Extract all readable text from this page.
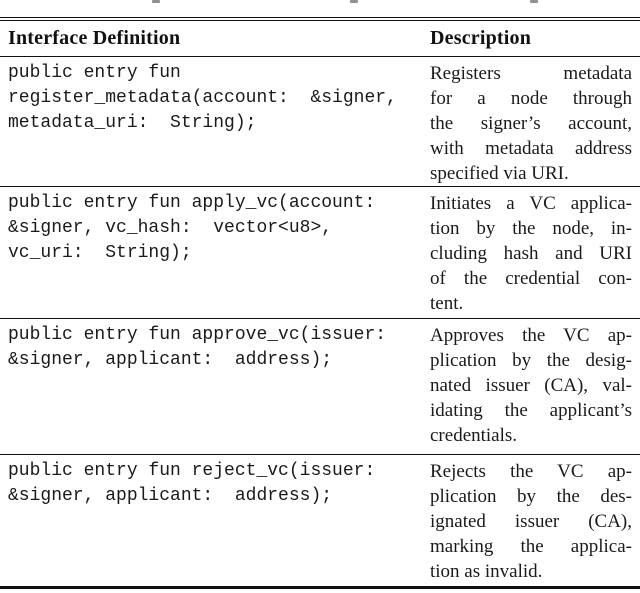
Interface Definition	Description
public entry fun
register_metadata(account:  &signer,
metadata_uri:  String);
Registers metadata
for a node through
the signer’s account,
with metadata address
specified via URI.
public entry fun apply_vc(account:
&signer, vc_hash:  vector<u8>,
vc_uri:  String);
Initiates a VC applica-
tion by the node, in-
cluding hash and URI
of the credential con-
tent.
public entry fun approve_vc(issuer:
&signer, applicant:  address);
Approves the VC ap-
plication by the desig-
nated issuer (CA), val-
idating the applicant’s
credentials.
public entry fun reject_vc(issuer:
&signer, applicant:  address);
Rejects the VC ap-
plication by the des-
ignated issuer (CA),
marking the applica-
tion as invalid.
